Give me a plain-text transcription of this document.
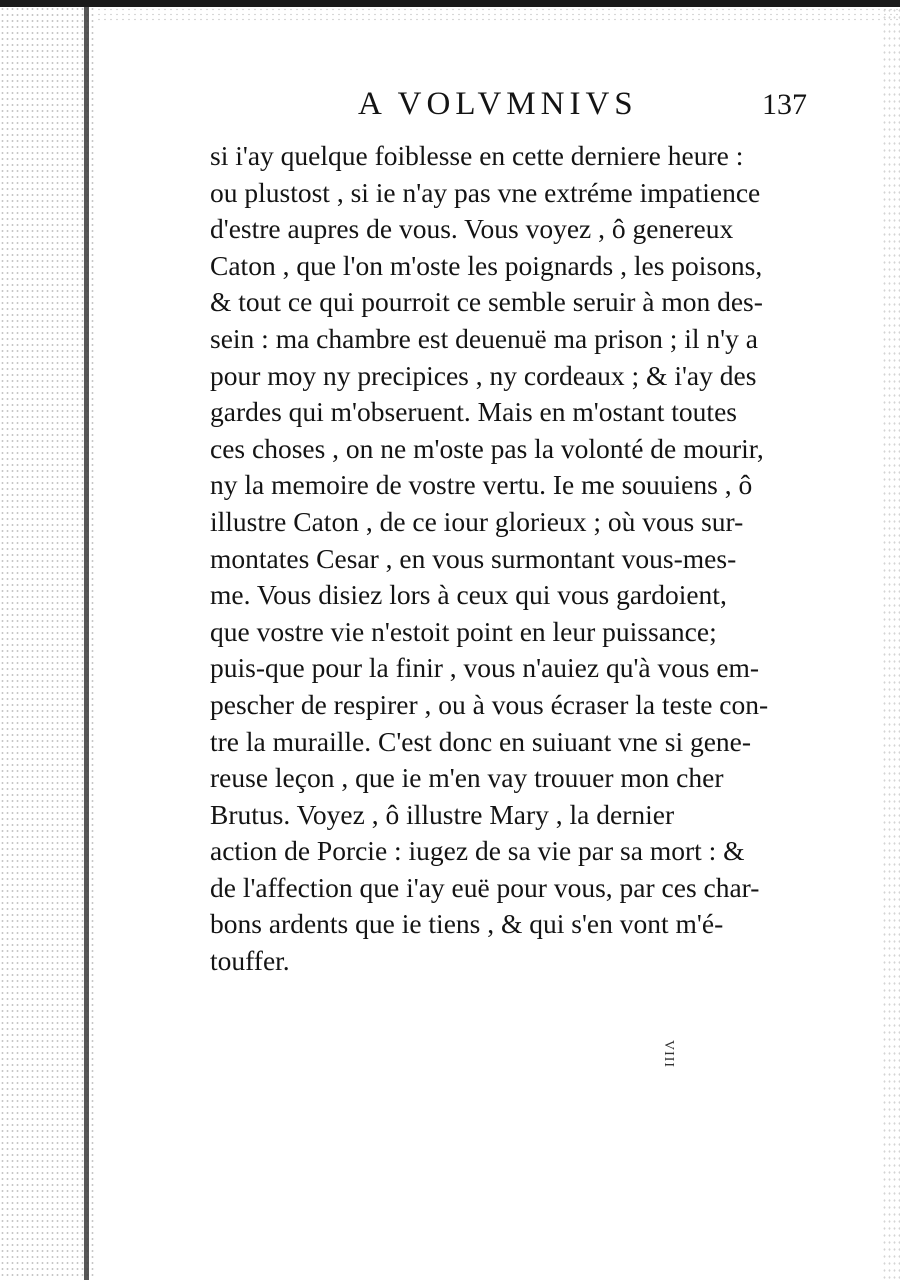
A VOLVMNIVS	137
si i'ay quelque foiblesse en cette derniere heure :
ou plustost , si ie n'ay pas vne extréme impatience
d'estre aupres de vous. Vous voyez , ô genereux
Caton , que l'on m'oste les poignards , les poisons,
& tout ce qui pourroit ce semble seruir à mon des-
sein : ma chambre est deuenuë ma prison ; il n'y a
pour moy ny precipices , ny cordeaux ; & i'ay des
gardes qui m'obseruent. Mais en m'ostant toutes
ces choses , on ne m'oste pas la volonté de mourir,
ny la memoire de vostre vertu. Ie me souuiens , ô
illustre Caton , de ce iour glorieux ; où vous sur-
montates Cesar , en vous surmontant vous-mes-
me. Vous disiez lors à ceux qui vous gardoient,
que vostre vie n'estoit point en leur puissance;
puis-que pour la finir , vous n'auiez qu'à vous em-
pescher de respirer , ou à vous écraser la teste con-
tre la muraille. C'est donc en suiuant vne si gene-
reuse leçon , que ie m'en vay trouuer mon cher
Brutus. Voyez , ô illustre Mary , la dernier
action de Porcie : iugez de sa vie par sa mort : &
de l'affection que i'ay euë pour vous, par ces char-
bons ardents que ie tiens , & qui s'en vont m'é-
touffer.
VIII
